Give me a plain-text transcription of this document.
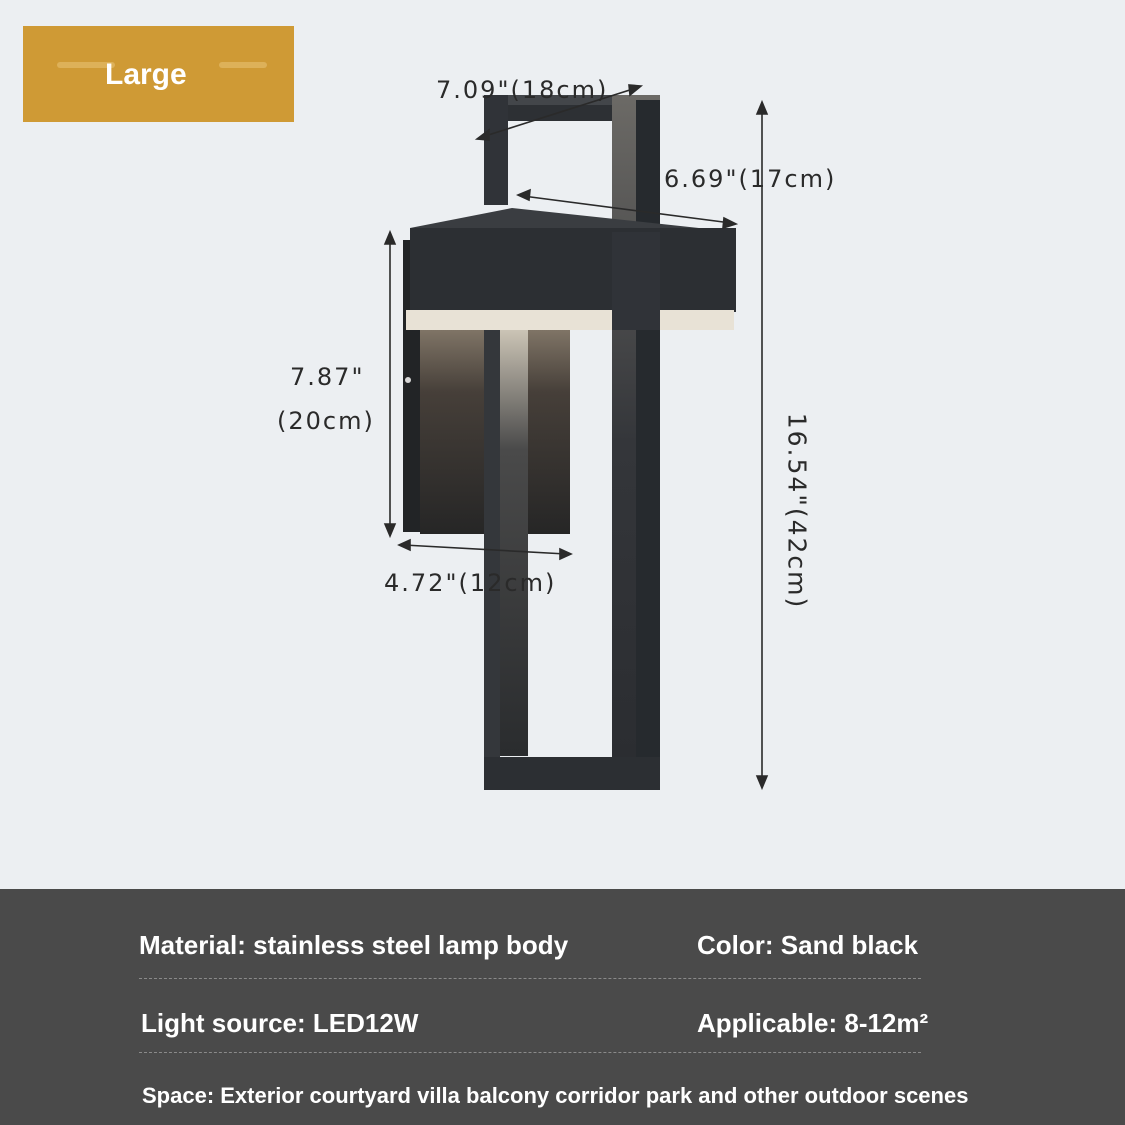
Large	7.09"(18cm)
6.69"(17cm)
7.87"
(20cm)
4.72"(12cm)	16.54"(42cm)
Material: stainless steel lamp body	Color: Sand black
Light source: LED12W	Applicable: 8-12m²
Space: Exterior courtyard villa balcony corridor park and other outdoor scenes
